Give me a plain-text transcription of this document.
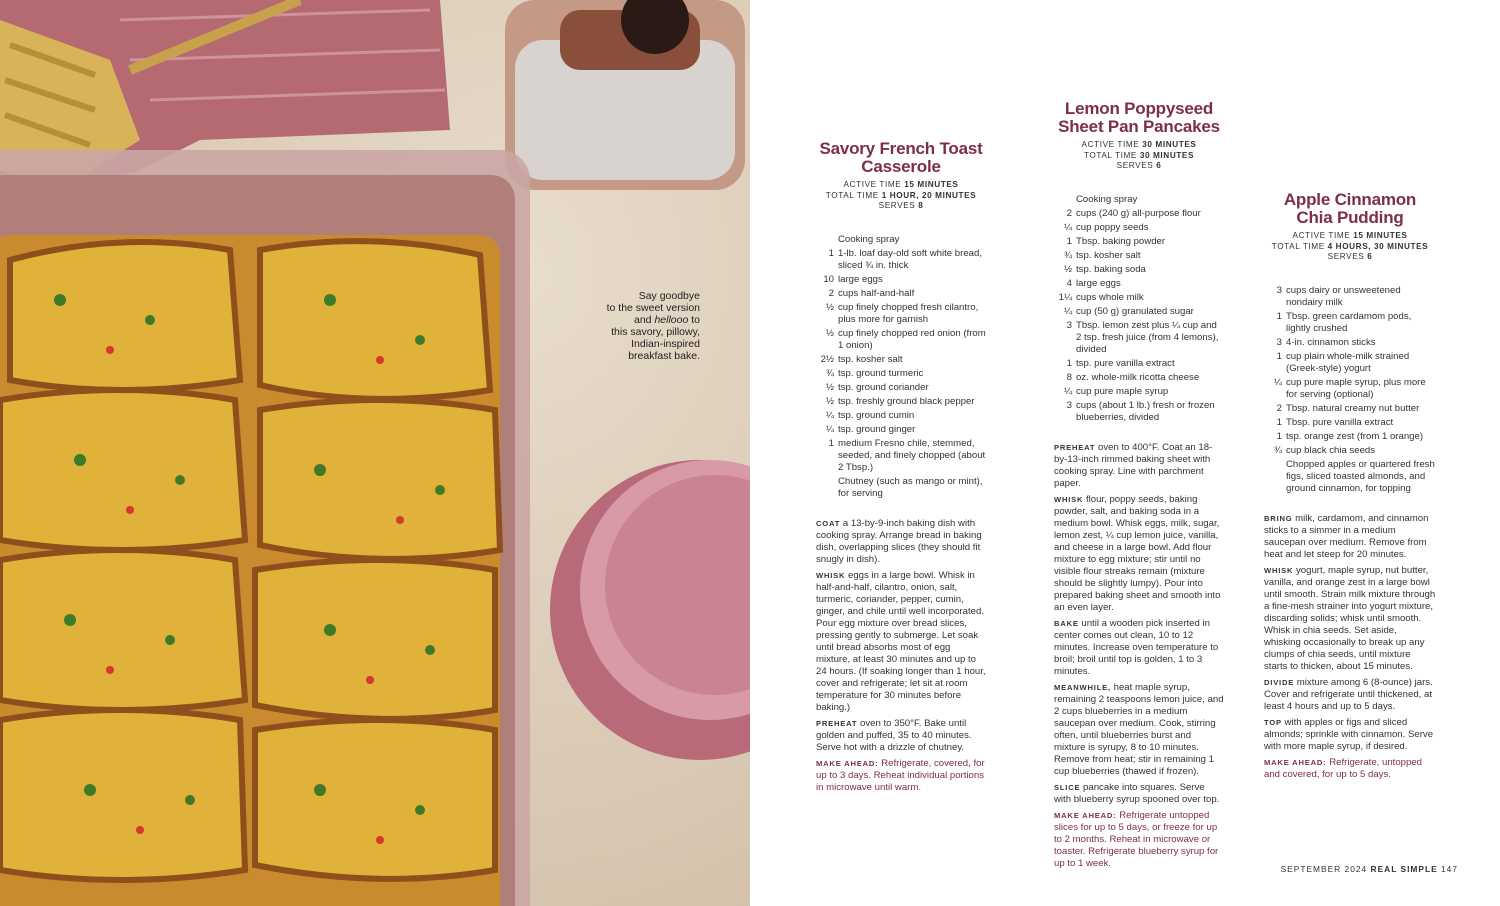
Say goodbye
to the sweet version
and hellooo to
this savory, pillowy,
Indian-inspired
breakfast bake.
Savory French Toast
Casserole
ACTIVE TIME 15 MINUTES
TOTAL TIME 1 HOUR, 20 MINUTES
SERVES 8
Cooking spray
1 1-lb. loaf day-old soft white bread, sliced ¾ in. thick
10 large eggs
2 cups half-and-half
½ cup finely chopped fresh cilantro, plus more for garnish
½ cup finely chopped red onion (from 1 onion)
2½ tsp. kosher salt
¾ tsp. ground turmeric
½ tsp. ground coriander
½ tsp. freshly ground black pepper
¼ tsp. ground cumin
¼ tsp. ground ginger
1 medium Fresno chile, stemmed, seeded, and finely chopped (about 2 Tbsp.)
Chutney (such as mango or mint), for serving
COAT a 13-by-9-inch baking dish with cooking spray. Arrange bread in baking dish, overlapping slices (they should fit snugly in dish).
WHISK eggs in a large bowl. Whisk in half-and-half, cilantro, onion, salt, turmeric, coriander, pepper, cumin, ginger, and chile until well incorporated. Pour egg mixture over bread slices, pressing gently to submerge. Let soak until bread absorbs most of egg mixture, at least 30 minutes and up to 24 hours. (If soaking longer than 1 hour, cover and refrigerate; let sit at room temperature for 30 minutes before baking.)
PREHEAT oven to 350°F. Bake until golden and puffed, 35 to 40 minutes. Serve hot with a drizzle of chutney.
MAKE AHEAD: Refrigerate, covered, for up to 3 days. Reheat individual portions in microwave until warm.
Lemon Poppyseed
Sheet Pan Pancakes
ACTIVE TIME 30 MINUTES
TOTAL TIME 30 MINUTES
SERVES 6
Cooking spray
2 cups (240 g) all-purpose flour
¼ cup poppy seeds
1 Tbsp. baking powder
¾ tsp. kosher salt
½ tsp. baking soda
4 large eggs
1¼ cups whole milk
¼ cup (50 g) granulated sugar
3 Tbsp. lemon zest plus ¼ cup and 2 tsp. fresh juice (from 4 lemons), divided
1 tsp. pure vanilla extract
8 oz. whole-milk ricotta cheese
¼ cup pure maple syrup
3 cups (about 1 lb.) fresh or frozen blueberries, divided
PREHEAT oven to 400°F. Coat an 18-by-13-inch rimmed baking sheet with cooking spray. Line with parchment paper.
WHISK flour, poppy seeds, baking powder, salt, and baking soda in a medium bowl. Whisk eggs, milk, sugar, lemon zest, ¼ cup lemon juice, vanilla, and cheese in a large bowl. Add flour mixture to egg mixture; stir until no visible flour streaks remain (mixture should be slightly lumpy). Pour into prepared baking sheet and smooth into an even layer.
BAKE until a wooden pick inserted in center comes out clean, 10 to 12 minutes. Increase oven temperature to broil; broil until top is golden, 1 to 3 minutes.
MEANWHILE, heat maple syrup, remaining 2 teaspoons lemon juice, and 2 cups blueberries in a medium saucepan over medium. Cook, stirring often, until blueberries burst and mixture is syrupy, 8 to 10 minutes. Remove from heat; stir in remaining 1 cup blueberries (thawed if frozen).
SLICE pancake into squares. Serve with blueberry syrup spooned over top.
MAKE AHEAD: Refrigerate untopped slices for up to 5 days, or freeze for up to 2 months. Reheat in microwave or toaster. Refrigerate blueberry syrup for up to 1 week.
Apple Cinnamon
Chia Pudding
ACTIVE TIME 15 MINUTES
TOTAL TIME 4 HOURS, 30 MINUTES
SERVES 6
3 cups dairy or unsweetened nondairy milk
1 Tbsp. green cardamom pods, lightly crushed
3 4-in. cinnamon sticks
1 cup plain whole-milk strained (Greek-style) yogurt
¼ cup pure maple syrup, plus more for serving (optional)
2 Tbsp. natural creamy nut butter
1 Tbsp. pure vanilla extract
1 tsp. orange zest (from 1 orange)
¾ cup black chia seeds
Chopped apples or quartered fresh figs, sliced toasted almonds, and ground cinnamon, for topping
BRING milk, cardamom, and cinnamon sticks to a simmer in a medium saucepan over medium. Remove from heat and let steep for 20 minutes.
WHISK yogurt, maple syrup, nut butter, vanilla, and orange zest in a large bowl until smooth. Strain milk mixture through a fine-mesh strainer into yogurt mixture, discarding solids; whisk until smooth. Whisk in chia seeds. Set aside, whisking occasionally to break up any clumps of chia seeds, until mixture starts to thicken, about 15 minutes.
DIVIDE mixture among 6 (8-ounce) jars. Cover and refrigerate until thickened, at least 4 hours and up to 5 days.
TOP with apples or figs and sliced almonds; sprinkle with cinnamon. Serve with more maple syrup, if desired.
MAKE AHEAD: Refrigerate, untopped and covered, for up to 5 days.
SEPTEMBER 2024 REAL SIMPLE 147
